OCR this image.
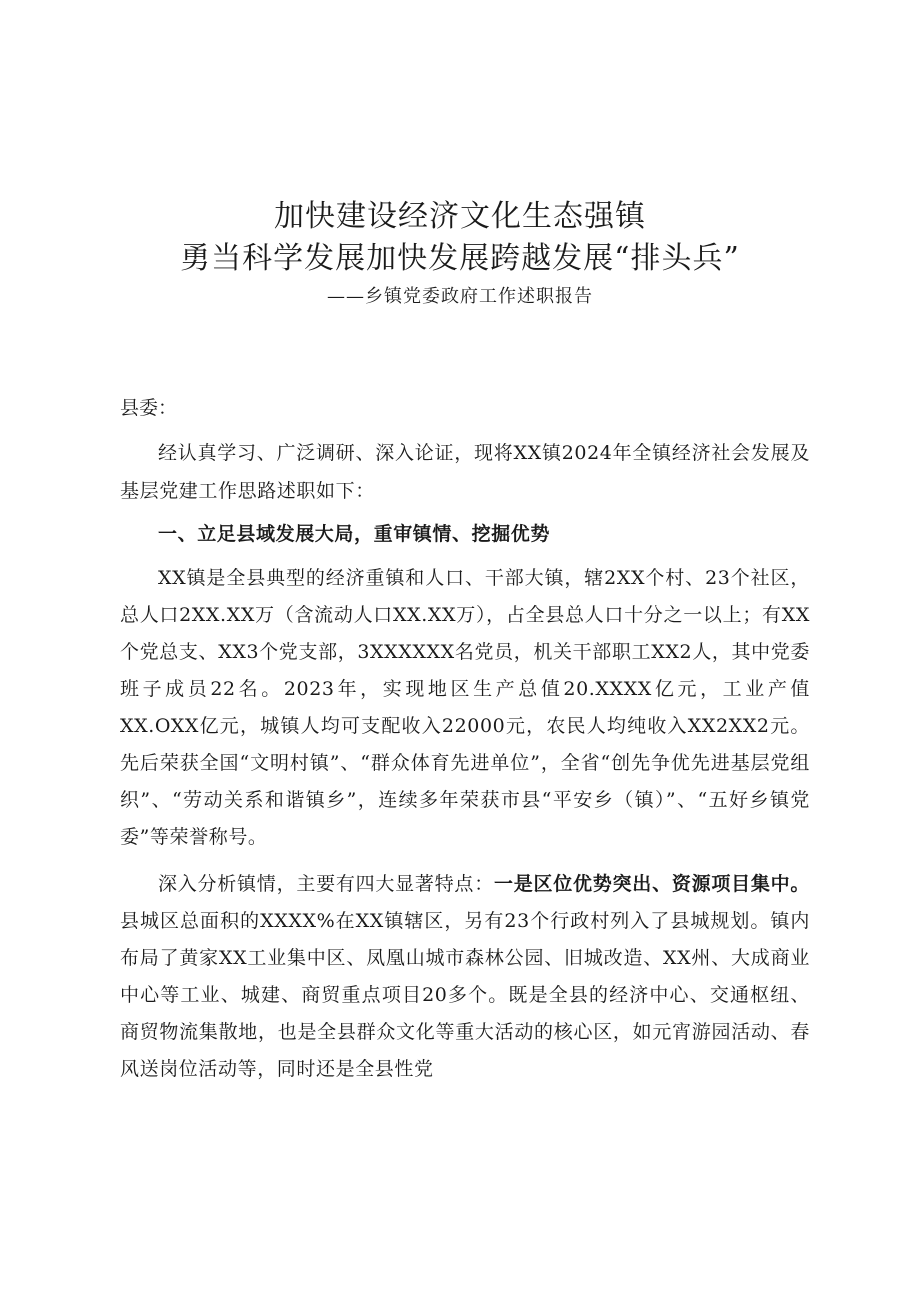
加快建设经济文化生态强镇
勇当科学发展加快发展跨越发展“排头兵”
——乡镇党委政府工作述职报告

县委：

经认真学习、广泛调研、深入论证，现将XX镇2024年全镇经济社会发展及基层党建工作思路述职如下：

一、立足县域发展大局，重审镇情、挖掘优势

XX镇是全县典型的经济重镇和人口、干部大镇，辖2XX个村、23个社区，总人口2XX.XX万（含流动人口XX.XX万），占全县总人口十分之一以上；有XX个党总支、XX3个党支部，3XXXXXX名党员，机关干部职工XX2人，其中党委班子成员22名。2023年，实现地区生产总值20.XXXX亿元，工业产值XX.OXX亿元，城镇人均可支配收入22000元，农民人均纯收入XX2XX2元。先后荣获全国“文明村镇”、“群众体育先进单位”，全省“创先争优先进基层党组织”、“劳动关系和谐镇乡”，连续多年荣获市县“平安乡（镇）”、“五好乡镇党委”等荣誉称号。

深入分析镇情，主要有四大显著特点：一是区位优势突出、资源项目集中。县城区总面积的XXXX%在XX镇辖区，另有23个行政村列入了县城规划。镇内布局了黄家XX工业集中区、凤凰山城市森林公园、旧城改造、XX州、大成商业中心等工业、城建、商贸重点项目20多个。既是全县的经济中心、交通枢纽、商贸物流集散地，也是全县群众文化等重大活动的核心区，如元宵游园活动、春风送岗位活动等，同时还是全县性党
